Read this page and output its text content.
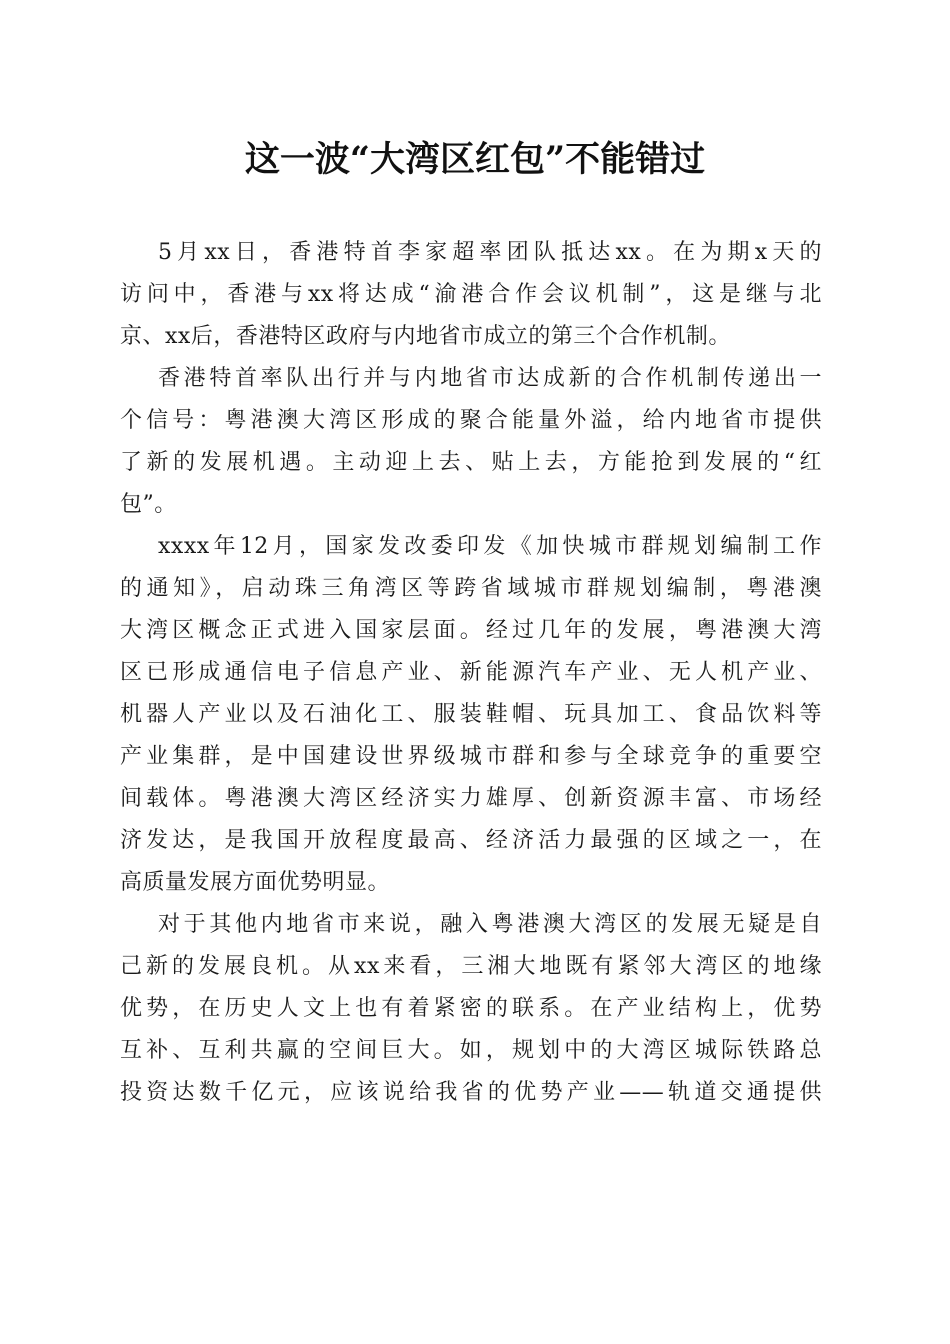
这一波“大湾区红包”不能错过

5月xx日，香港特首李家超率团队抵达xx。在为期x天的
访问中，香港与xx将达成“渝港合作会议机制”，这是继与北
京、xx后，香港特区政府与内地省市成立的第三个合作机制。

香港特首率队出行并与内地省市达成新的合作机制传递出一
个信号：粤港澳大湾区形成的聚合能量外溢，给内地省市提供
了新的发展机遇。主动迎上去、贴上去，方能抢到发展的“红
包”。

xxxx年12月，国家发改委印发《加快城市群规划编制工作
的通知》，启动珠三角湾区等跨省域城市群规划编制，粤港澳
大湾区概念正式进入国家层面。经过几年的发展，粤港澳大湾
区已形成通信电子信息产业、新能源汽车产业、无人机产业、
机器人产业以及石油化工、服装鞋帽、玩具加工、食品饮料等
产业集群，是中国建设世界级城市群和参与全球竞争的重要空
间载体。粤港澳大湾区经济实力雄厚、创新资源丰富、市场经
济发达，是我国开放程度最高、经济活力最强的区域之一，在
高质量发展方面优势明显。

对于其他内地省市来说，融入粤港澳大湾区的发展无疑是自
己新的发展良机。从xx来看，三湘大地既有紧邻大湾区的地缘
优势，在历史人文上也有着紧密的联系。在产业结构上，优势
互补、互利共赢的空间巨大。如，规划中的大湾区城际铁路总
投资达数千亿元，应该说给我省的优势产业——轨道交通提供
